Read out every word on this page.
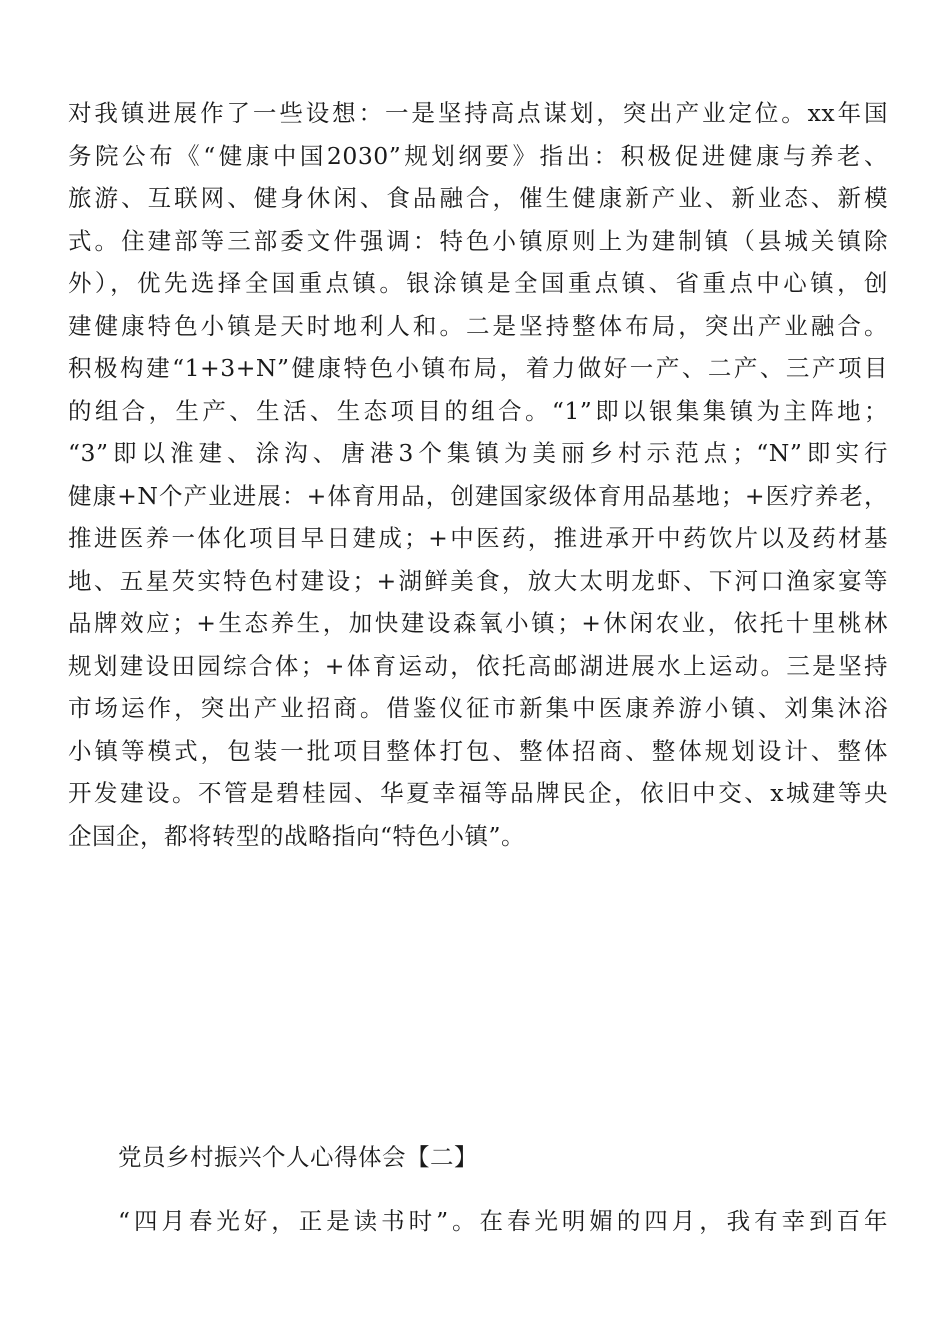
对我镇进展作了一些设想：一是坚持高点谋划，突出产业定位。xx年国
务院公布《“健康中国2030”规划纲要》指出：积极促进健康与养老、
旅游、互联网、健身休闲、食品融合，催生健康新产业、新业态、新模
式。住建部等三部委文件强调：特色小镇原则上为建制镇（县城关镇除
外），优先选择全国重点镇。银涂镇是全国重点镇、省重点中心镇，创
建健康特色小镇是天时地利人和。二是坚持整体布局，突出产业融合。
积极构建“1+3+N”健康特色小镇布局，着力做好一产、二产、三产项目
的组合，生产、生活、生态项目的组合。“1”即以银集集镇为主阵地；
“3”即以淮建、涂沟、唐港3个集镇为美丽乡村示范点；“N”即实行
健康+N个产业进展：+体育用品，创建国家级体育用品基地；+医疗养老，
推进医养一体化项目早日建成；+中医药，推进承开中药饮片以及药材基
地、五星芡实特色村建设；+湖鲜美食，放大太明龙虾、下河口渔家宴等
品牌效应；+生态养生，加快建设森氧小镇；+休闲农业，依托十里桃林
规划建设田园综合体；+体育运动，依托高邮湖进展水上运动。三是坚持
市场运作，突出产业招商。借鉴仪征市新集中医康养游小镇、刘集沐浴
小镇等模式，包装一批项目整体打包、整体招商、整体规划设计、整体
开发建设。不管是碧桂园、华夏幸福等品牌民企，依旧中交、x城建等央
企国企，都将转型的战略指向“特色小镇”。
党员乡村振兴个人心得体会【二】
“四月春光好，正是读书时”。在春光明媚的四月，我有幸到百年
